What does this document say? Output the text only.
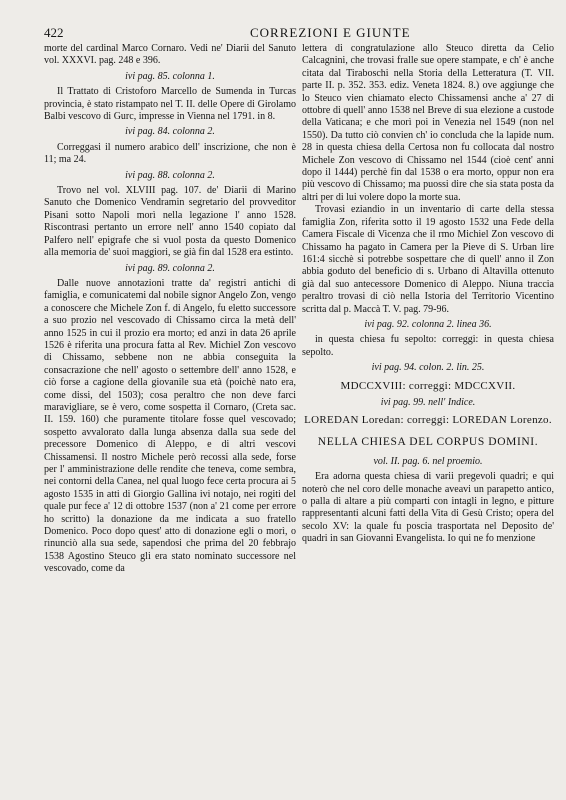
422	CORREZIONI E GIUNTE

morte del cardinal Marco Cornaro. Vedi ne' Diarii del Sanuto vol. XXXVI. pag. 248 e 396.

ivi pag. 85. colonna 1.

Il Trattato di Cristoforo Marcello de Sumenda in Turcas provincia, è stato ristampato nel T. II. delle Opere di Girolamo Balbi vescovo di Gurc, impresse in Vienna nel 1791. in 8.

ivi pag. 84. colonna 2.

Correggasi il numero arabico dell' inscrizione, che non è 11; ma 24.

ivi pag. 88. colonna 2.

Trovo nel vol. XLVIII pag. 107. de' Diarii di Marino Sanuto che Domenico Vendramin segretario del provveditor Pisani sotto Napoli morì nella legazione l' anno 1528. Riscontrasi pertanto un errore nell' anno 1540 copiato dal Palfero nell' epigrafe che si vuol posta da questo Domenico alla memoria de' suoi maggiori, se già fin dal 1528 era estinto.

ivi pag. 89. colonna 2.

Dalle nuove annotazioni tratte da' registri antichi di famiglia, e comunicatemi dal nobile signor Angelo Zon, vengo a conoscere che Michele Zon f. di Angelo, fu eletto successore a suo prozio nel vescovado di Chissamo circa la metà dell' anno 1525 in cui il prozio era morto; ed anzi in data 26 aprile 1526 è riferita una procura fatta al Rev. Michiel Zon vescovo di Chissamo, sebbene non ne abbia conseguita la consacrazione che nell' agosto o settembre dell' anno 1528, e ciò forse a cagione della giovanile sua età (poichè nato era, come dissi, del 1503); cosa peraltro che non deve farci maravigliare, se è vero, come sospetta il Cornaro, (Creta sac. II. 159. 160) che puramente titolare fosse quel vescovado; sospetto avvalorato dalla lunga absenza dalla sua sede del precessore Domenico di Aleppo, e di altri vescovi Chissamensi. Il nostro Michele però recossi alla sede, forse per l' amministrazione delle rendite che teneva, come sembra, nei contorni della Canea, nel qual luogo fece certa procura ai 5 agosto 1535 in atti di Giorgio Gallina ivi notajo, nei rogiti del quale pur fece a' 12 di ottobre 1537 (non a' 21 come per errore ho scritto) la donazione da me indicata a suo fratello Domenico. Poco dopo quest' atto di donazione egli o morì, o rinunciò alla sua sede, sapendosi che prima del 20 febbrajo 1538 Agostino Steuco gli era stato nominato successore nel vescovado, come da

lettera di congratulazione allo Steuco diretta da Celio Calcagnini, che trovasi fralle sue opere stampate, e ch' è anche citata dal Tiraboschi nella Storia della Letteratura (T. VII. parte II. p. 352. 353. ediz. Veneta 1824. 8.) ove aggiunge che lo Steuco vien chiamato electo Chissamensi anche a' 27 di ottobre di quell' anno 1538 nel Breve di sua elezione a custode della Vaticana; e che morì poi in Venezia nel 1549 (non nel 1550). Da tutto ciò convien ch' io concluda che la lapide num. 28 in questa chiesa della Certosa non fu collocata dal nostro Michele Zon vescovo di Chissamo nel 1544 (cioè cent' anni dopo il 1444) perchè fin dal 1538 o era morto, oppur non era più vescovo di Chissamo; ma puossi dire che sia stata posta da altri per di lui volere dopo la morte sua.

Trovasi eziandio in un inventario di carte della stessa famiglia Zon, riferita sotto il 19 agosto 1532 una Fede della Camera Fiscale di Vicenza che il rmo Michiel Zon vescovo di Chissamo ha pagato in Camera per la Pieve di S. Urban lire 161:4 sicchè si potrebbe sospettare che di quell' anno il Zon abbia goduto del beneficio di s. Urbano di Altavilla ottenuto già dal suo antecessore Domenico di Aleppo. Niuna traccia peraltro trovasi di ciò nella Istoria del Territorio Vicentino scritta dal p. Maccà T. V. pag. 79-96.

ivi pag. 92. colonna 2. linea 36.

in questa chiesa fu sepolto: correggi: in questa chiesa sepolto.

ivi pag. 94. colon. 2. lin. 25.

MDCCXVIII: correggi: MDCCXVII.

ivi pag. 99. nell' Indice.

LOREDAN Loredan: correggi: LOREDAN Lorenzo.

NELLA CHIESA DEL CORPUS DOMINI.

vol. II. pag. 6. nel proemio.

Era adorna questa chiesa di varii pregevoli quadri; e qui noterò che nel coro delle monache aveavi un parapetto antico, o palla di altare a più comparti con intagli in legno, e pitture rappresentanti alcuni fatti della Vita di Gesù Cristo; opera del secolo XV: la quale fu poscia trasportata nel Deposito de' quadri in san Giovanni Evangelista. Io qui ne fo menzione
